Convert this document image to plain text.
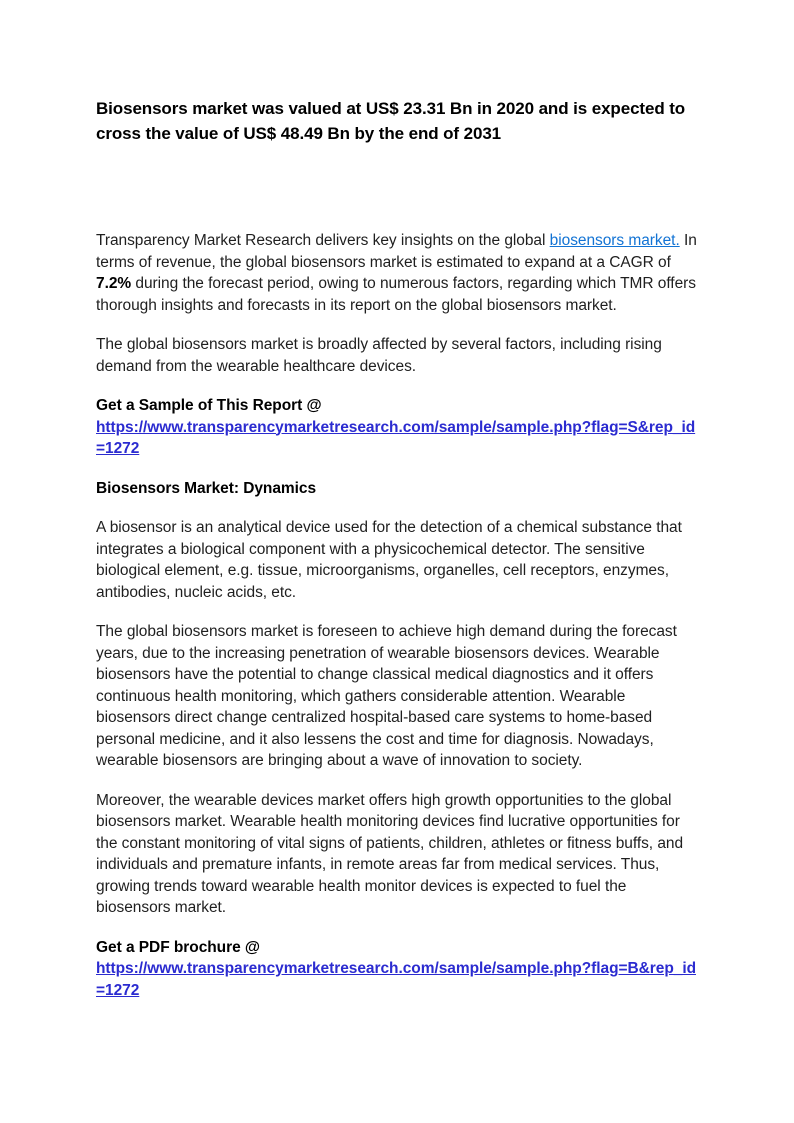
Biosensors market was valued at US$ 23.31 Bn in 2020 and is expected to cross the value of US$ 48.49 Bn by the end of 2031

Transparency Market Research delivers key insights on the global biosensors market. In terms of revenue, the global biosensors market is estimated to expand at a CAGR of 7.2% during the forecast period, owing to numerous factors, regarding which TMR offers thorough insights and forecasts in its report on the global biosensors market.

The global biosensors market is broadly affected by several factors, including rising demand from the wearable healthcare devices.

Get a Sample of This Report @
https://www.transparencymarketresearch.com/sample/sample.php?flag=S&rep_id=1272
Biosensors Market: Dynamics

A biosensor is an analytical device used for the detection of a chemical substance that integrates a biological component with a physicochemical detector. The sensitive biological element, e.g. tissue, microorganisms, organelles, cell receptors, enzymes, antibodies, nucleic acids, etc.

The global biosensors market is foreseen to achieve high demand during the forecast years, due to the increasing penetration of wearable biosensors devices. Wearable biosensors have the potential to change classical medical diagnostics and it offers continuous health monitoring, which gathers considerable attention. Wearable biosensors direct change centralized hospital-based care systems to home-based personal medicine, and it also lessens the cost and time for diagnosis. Nowadays, wearable biosensors are bringing about a wave of innovation to society.

Moreover, the wearable devices market offers high growth opportunities to the global biosensors market. Wearable health monitoring devices find lucrative opportunities for the constant monitoring of vital signs of patients, children, athletes or fitness buffs, and individuals and premature infants, in remote areas far from medical services. Thus, growing trends toward wearable health monitor devices is expected to fuel the biosensors market.

Get a PDF brochure @
https://www.transparencymarketresearch.com/sample/sample.php?flag=B&rep_id=1272
